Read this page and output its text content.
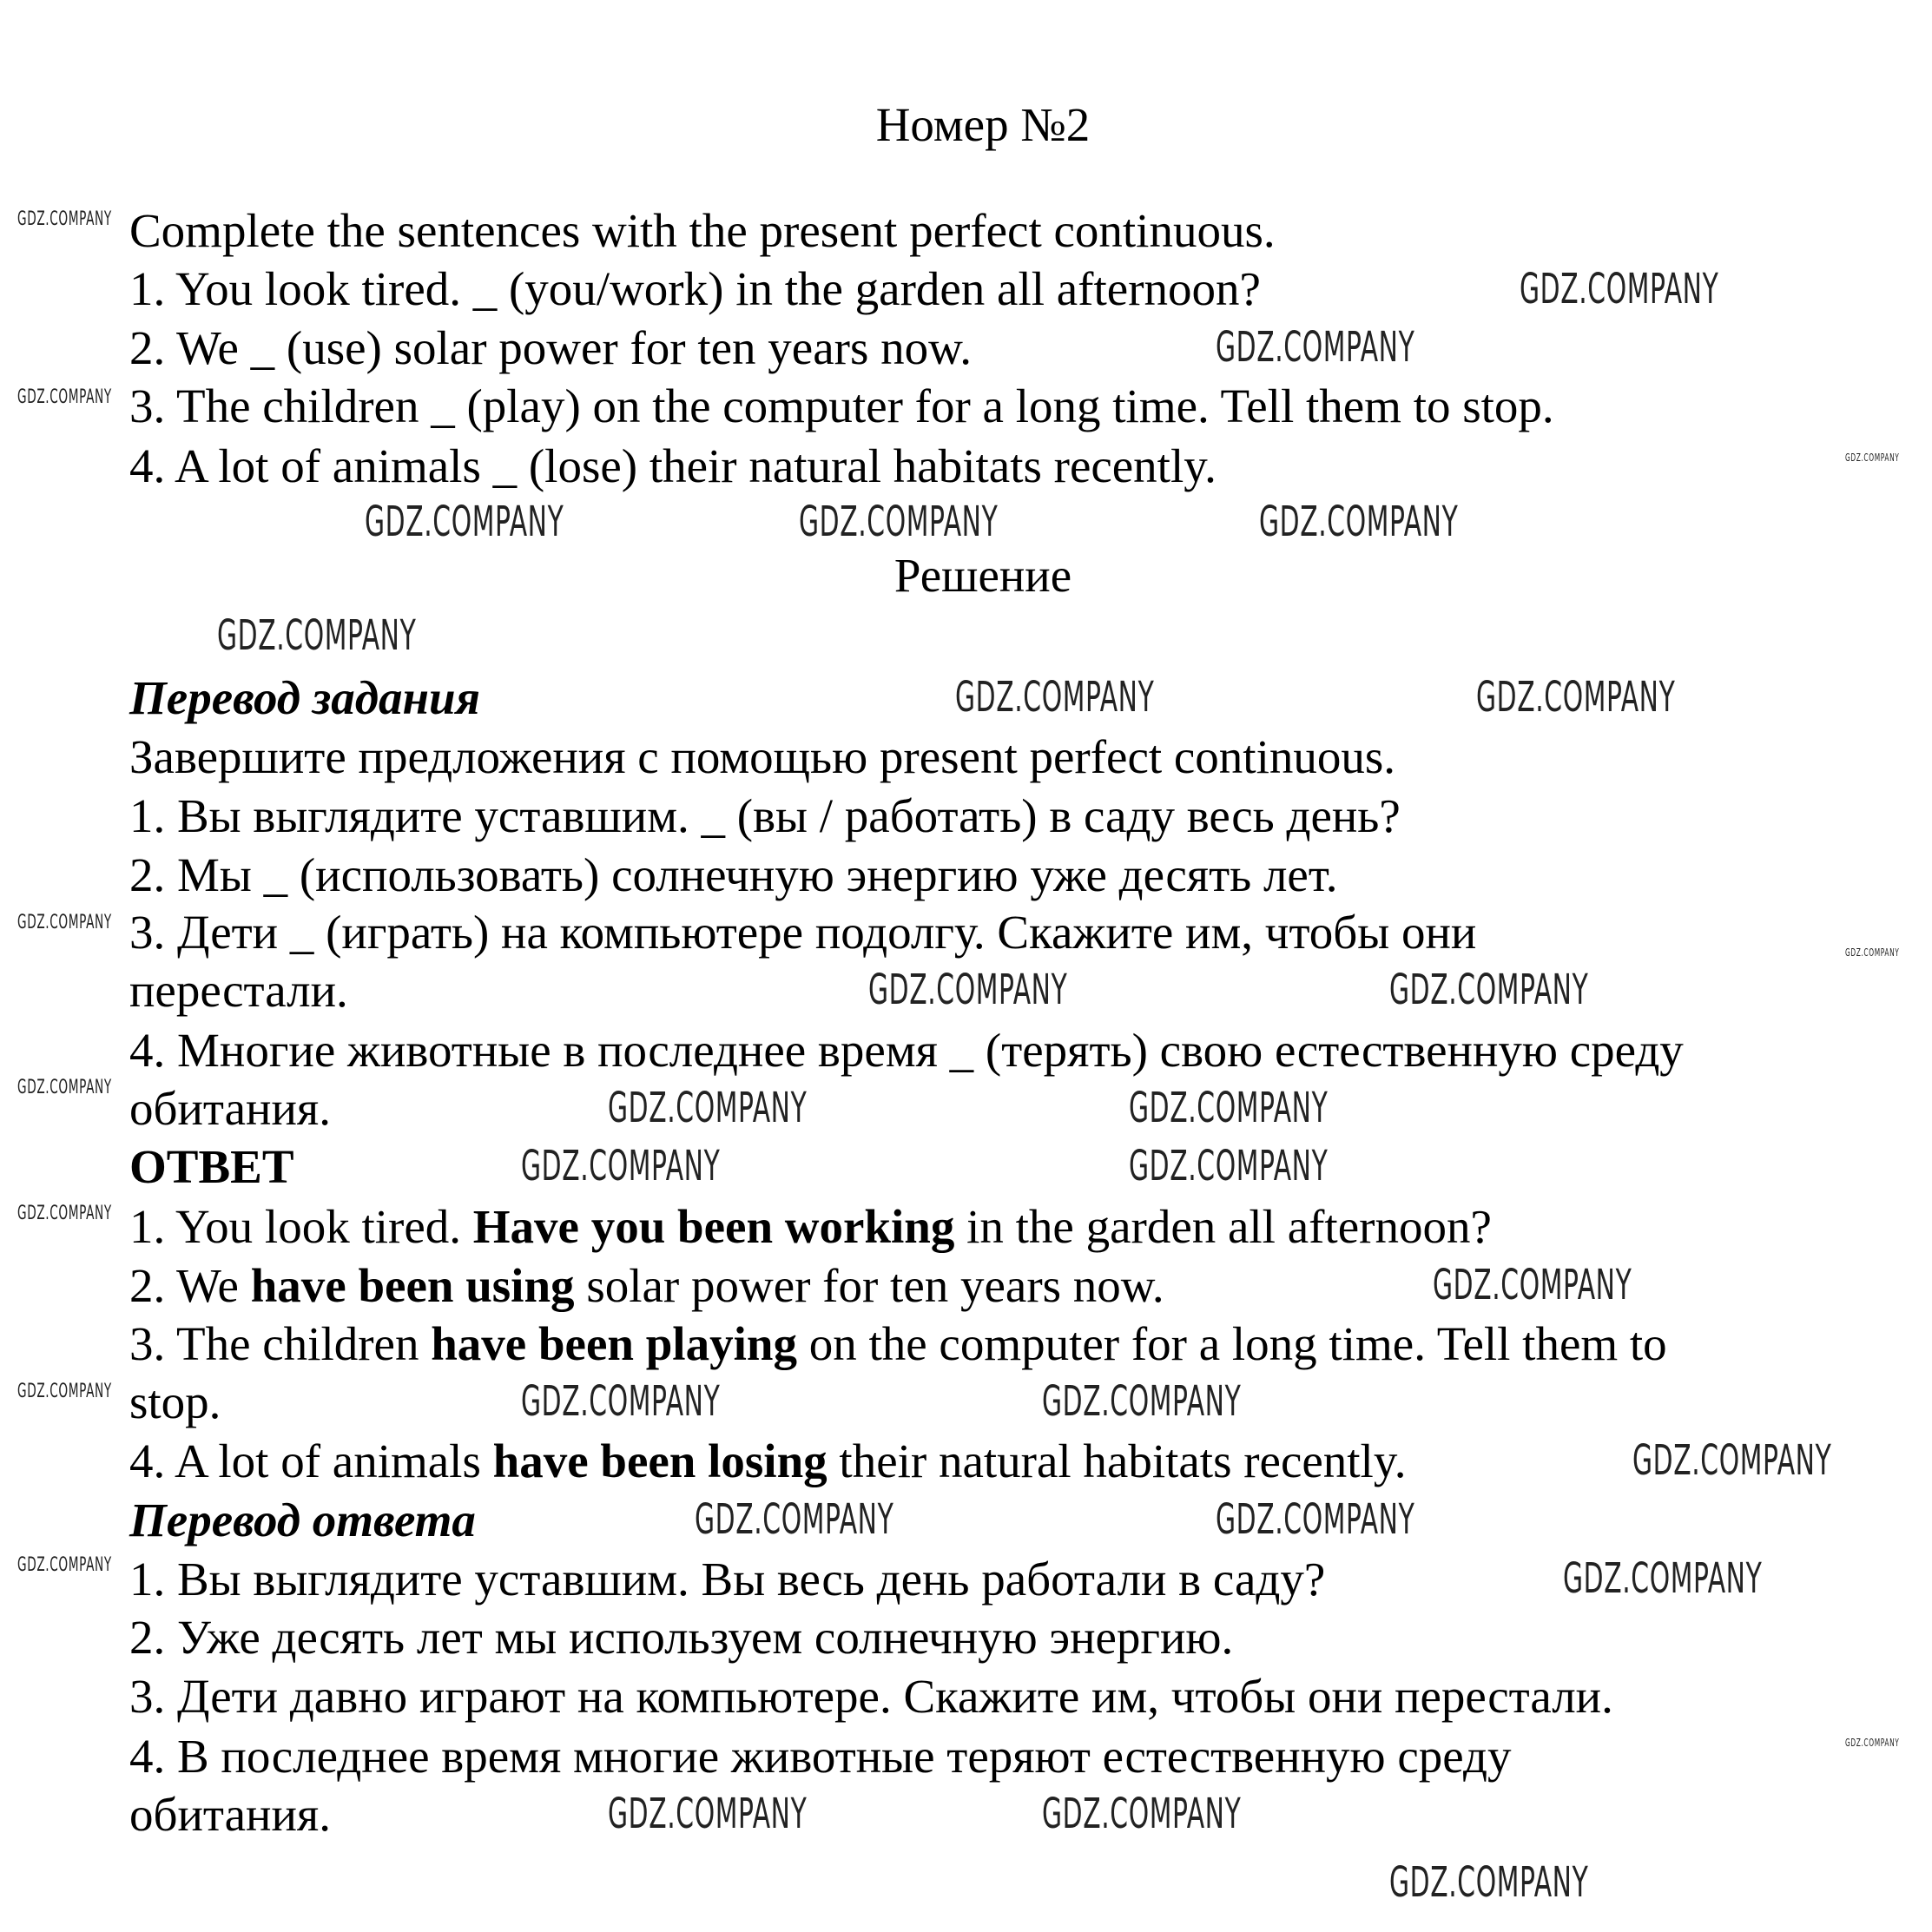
Номер №2
Complete the sentences with the present perfect continuous.
1. You look tired. _ (you/work) in the garden all afternoon?
2. We _ (use) solar power for ten years now.
3. The children _ (play) on the computer for a long time. Tell them to stop.
4. A lot of animals _ (lose) their natural habitats recently.
Решение
Перевод задания
Завершите предложения с помощью present perfect continuous.
1. Вы выглядите уставшим. _ (вы / работать) в саду весь день?
2. Мы _ (использовать) солнечную энергию уже десять лет.
3. Дети _ (играть) на компьютере подолгу. Скажите им, чтобы они
перестали.
4. Многие животные в последнее время _ (терять) свою естественную среду
обитания.
ОТВЕТ
1. You look tired. Have you been working in the garden all afternoon?
2. We have been using solar power for ten years now.
3. The children have been playing on the computer for a long time. Tell them to
stop.
4. A lot of animals have been losing their natural habitats recently.
Перевод ответа
1. Вы выглядите уставшим. Вы весь день работали в саду?
2. Уже десять лет мы используем солнечную энергию.
3. Дети давно играют на компьютере. Скажите им, чтобы они перестали.
4. В последнее время многие животные теряют естественную среду
обитания.
GDZ.COMPANY
GDZ.COMPANY
GDZ.COMPANY	GDZ.COMPANY	GDZ.COMPANY
GDZ.COMPANY
GDZ.COMPANY	GDZ.COMPANY
GDZ.COMPANY	GDZ.COMPANY
GDZ.COMPANY	GDZ.COMPANY
GDZ.COMPANY	GDZ.COMPANY
GDZ.COMPANY
GDZ.COMPANY	GDZ.COMPANY
GDZ.COMPANY
GDZ.COMPANY	GDZ.COMPANY
GDZ.COMPANY
GDZ.COMPANY	GDZ.COMPANY
GDZ.COMPANY
GDZ.COMPANY
GDZ.COMPANY
GDZ.COMPANY
GDZ.COMPANY
GDZ.COMPANY
GDZ.COMPANY
GDZ.COMPANY
GDZ.COMPANY
GDZ.COMPANY
GDZ.COMPANY
